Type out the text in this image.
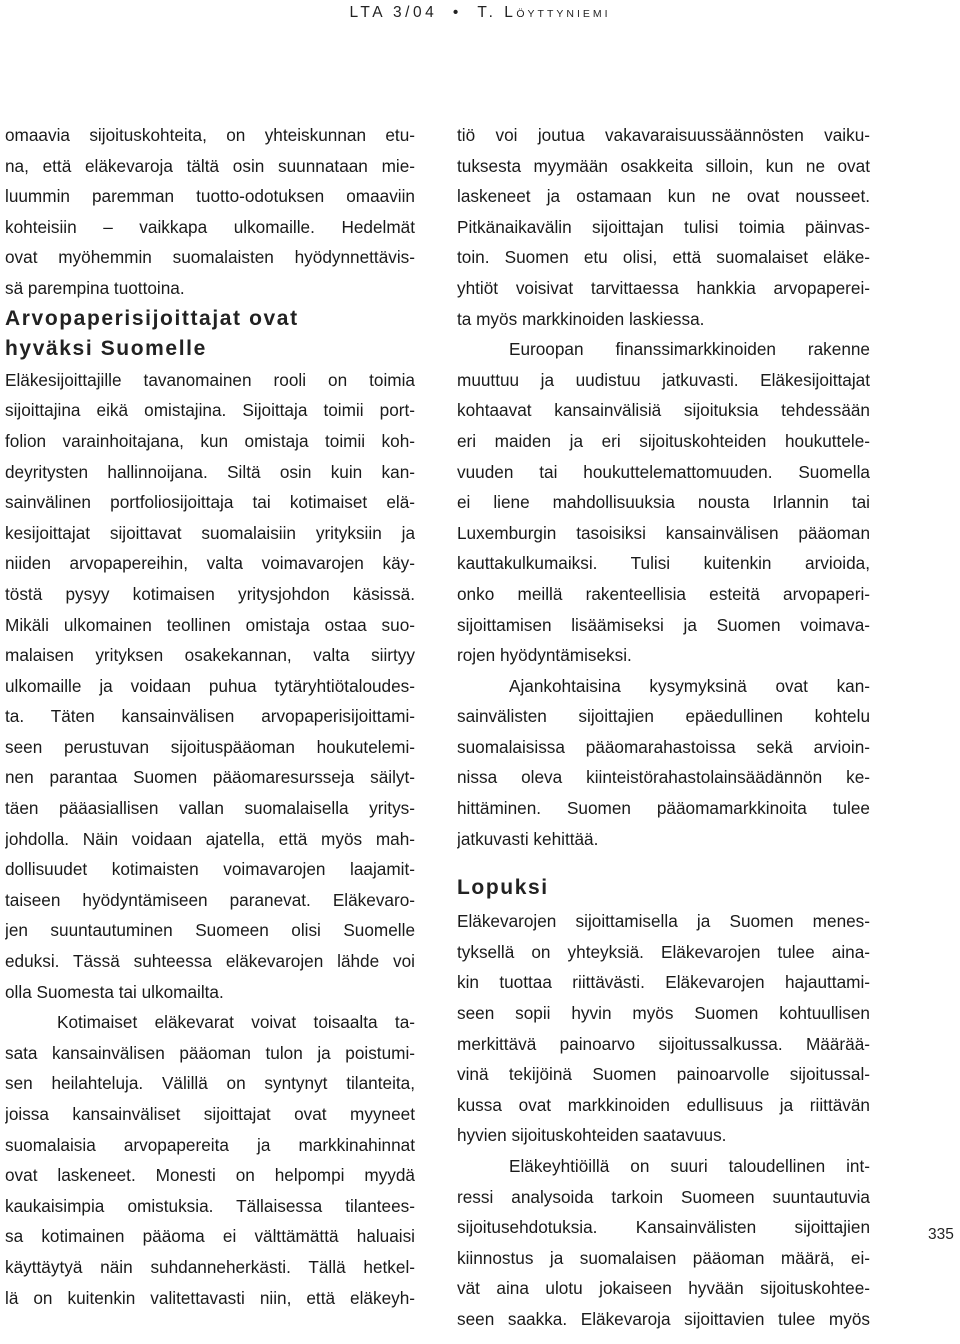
LTA 3/04 • T. LÖYTTYNIEMI
omaavia sijoituskohteita, on yhteiskunnan etu-
na, että eläkevaroja tältä osin suunnataan mie-
luummin paremman tuotto-odotuksen omaaviin
kohteisiin – vaikkapa ulkomaille. Hedelmät
ovat myöhemmin suomalaisten hyödynnettävis-
sä parempina tuottoina.
Arvopaperisijoittajat ovat
hyväksi Suomelle
Eläkesijoittajille tavanomainen rooli on toimia
sijoittajina eikä omistajina. Sijoittaja toimii port-
folion varainhoitajana, kun omistaja toimii koh-
deyritysten hallinnoijana. Siltä osin kuin kan-
sainvälinen portfoliosijoittaja tai kotimaiset elä-
kesijoittajat sijoittavat suomalaisiin yrityksiin ja
niiden arvopapereihin, valta voimavarojen käy-
töstä pysyy kotimaisen yritysjohdon käsissä.
Mikäli ulkomainen teollinen omistaja ostaa suo-
malaisen yrityksen osakekannan, valta siirtyy
ulkomaille ja voidaan puhua tytäryhtiötaloudes-
ta. Täten kansainvälisen arvopaperisijoittami-
seen perustuvan sijoituspääoman houkutelemi-
nen parantaa Suomen pääomaresursseja säilyt-
täen pääasiallisen vallan suomalaisella yritys-
johdolla. Näin voidaan ajatella, että myös mah-
dollisuudet kotimaisten voimavarojen laajamit-
taiseen hyödyntämiseen paranevat. Eläkevaro-
jen suuntautuminen Suomeen olisi Suomelle
eduksi. Tässä suhteessa eläkevarojen lähde voi
olla Suomesta tai ulkomailta.
Kotimaiset eläkevarat voivat toisaalta ta-
sata kansainvälisen pääoman tulon ja poistumi-
sen heilahteluja. Välillä on syntynyt tilanteita,
joissa kansainväliset sijoittajat ovat myyneet
suomalaisia arvopapereita ja markkinahinnat
ovat laskeneet. Monesti on helpompi myydä
kaukaisimpia omistuksia. Tällaisessa tilantees-
sa kotimainen pääoma ei välttämättä haluaisi
käyttäytyä näin suhdanneherkästi. Tällä hetkel-
lä on kuitenkin valitettavasti niin, että eläkeyh-
tiö voi joutua vakavaraisuussäännösten vaiku-
tuksesta myymään osakkeita silloin, kun ne ovat
laskeneet ja ostamaan kun ne ovat nousseet.
Pitkänaikavälin sijoittajan tulisi toimia päinvas-
toin. Suomen etu olisi, että suomalaiset eläke-
yhtiöt voisivat tarvittaessa hankkia arvopaperei-
ta myös markkinoiden laskiessa.
Euroopan finanssimarkkinoiden rakenne
muuttuu ja uudistuu jatkuvasti. Eläkesijoittajat
kohtaavat kansainvälisiä sijoituksia tehdessään
eri maiden ja eri sijoituskohteiden houkuttele-
vuuden tai houkuttelemattomuuden. Suomella
ei liene mahdollisuuksia nousta Irlannin tai
Luxemburgin tasoisiksi kansainvälisen pääoman
kauttakulkumaiksi. Tulisi kuitenkin arvioida,
onko meillä rakenteellisia esteitä arvopaperi-
sijoittamisen lisäämiseksi ja Suomen voimava-
rojen hyödyntämiseksi.
Ajankohtaisina kysymyksinä ovat kan-
sainvälisten sijoittajien epäedullinen kohtelu
suomalaisissa pääomarahastoissa sekä arvioin-
nissa oleva kiinteistörahastolainsäädännön ke-
hittäminen. Suomen pääomamarkkinoita tulee
jatkuvasti kehittää.
Lopuksi
Eläkevarojen sijoittamisella ja Suomen menes-
tyksellä on yhteyksiä. Eläkevarojen tulee aina-
kin tuottaa riittävästi. Eläkevarojen hajauttami-
seen sopii hyvin myös Suomen kohtuullisen
merkittävä painoarvo sijoitussalkussa. Määrää-
vinä tekijöinä Suomen painoarvolle sijoitussal-
kussa ovat markkinoiden edullisuus ja riittävän
hyvien sijoituskohteiden saatavuus.
Eläkeyhtiöillä on suuri taloudellinen int-
ressi analysoida tarkoin Suomeen suuntautuvia
sijoitusehdotuksia. Kansainvälisten sijoittajien
kiinnostus ja suomalaisen pääoman määrä, ei-
vät aina ulotu jokaiseen hyvään sijoituskohtee-
seen saakka. Eläkevaroja sijoittavien tulee myös
335
